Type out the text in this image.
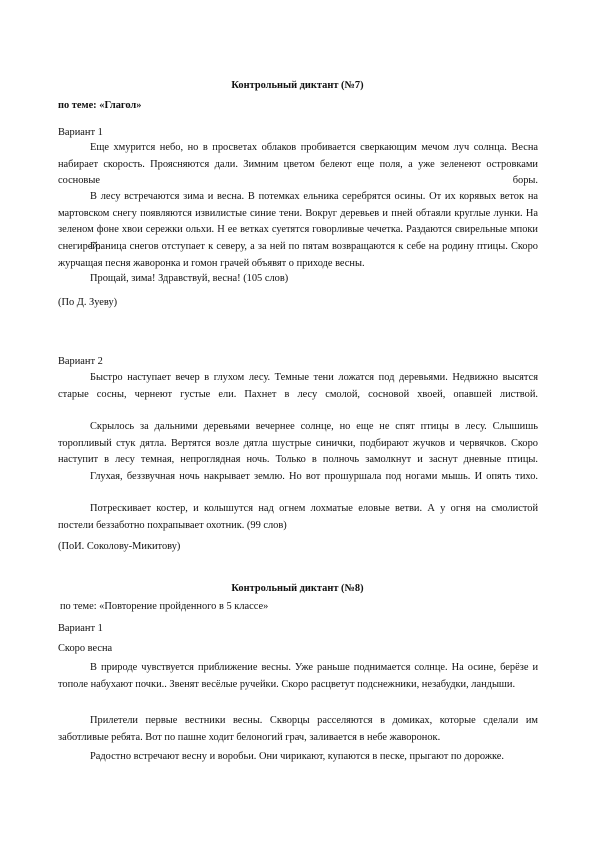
Контрольный диктант (№7)
по теме: «Глагол»
Вариант 1
Еще хмурится небо, но в просветах облаков пробивается сверкающим мечом луч солнца. Весна набирает скорость. Проясняются дали. Зимним цветом белеют еще поля, а уже зеленеют островками сосновые боры.
В лесу встречаются зима и весна. В потемках ельника серебрятся осины. От их корявых веток на мартовском снегу появляются извилистые синие тени. Вокруг деревьев и пней обтаяли круглые лунки. На зеленом фоне хвои сережки ольхи. Н ее ветках суетятся говорливые чечетка. Раздаются свирельные мпоки снегирей.
Граница снегов отступает к северу, а за ней по пятам возвращаются к себе на родину птицы. Скоро журчащая песня жаворонка и гомон грачей объявят о приходе весны.
Прощай, зима! Здравствуй, весна! (105 слов)
(По Д. Зуеву)
Вариант 2
Быстро наступает вечер в глухом лесу. Темные тени ложатся под деревьями. Недвижно высятся старые сосны, чернеют густые ели. Пахнет в лесу смолой, сосновой хвоей, опавшей листвой.
Скрылось за дальними деревьями вечернее солнце, но еще не спят птицы в лесу. Слышишь торопливый стук дятла. Вертятся возле дятла шустрые синички, подбирают жучков и червячков. Скоро наступит в лесу темная, непроглядная ночь. Только в полночь замолкнут и заснут дневные птицы.
Глухая, беззвучная ночь накрывает землю. Но вот прошуршала под ногами мышь. И опять тихо.
Потрескивает костер, и колышутся над огнем лохматые еловые ветви. А у огня на смолистой постели беззаботно похрапывает охотник. (99 слов)
(ПоИ. Соколову-Микитову)
Контрольный диктант (№8)
по теме: «Повторение пройденного в 5 классе»
Вариант 1
Скоро весна
В природе чувствуется приближение весны. Уже раньше поднимается солнце. На осине, берёзе и тополе набухают почки.. Звенят весёлые ручейки. Скоро расцветут подснежники, незабудки, ландыши.
Прилетели первые вестники весны. Скворцы расселяются в домиках, которые сделали им заботливые ребята. Вот по пашне ходит белоногий грач, заливается в небе жаворонок.
Радостно встречают весну и воробьи. Они чирикают, купаются в песке, прыгают по дорожке.
